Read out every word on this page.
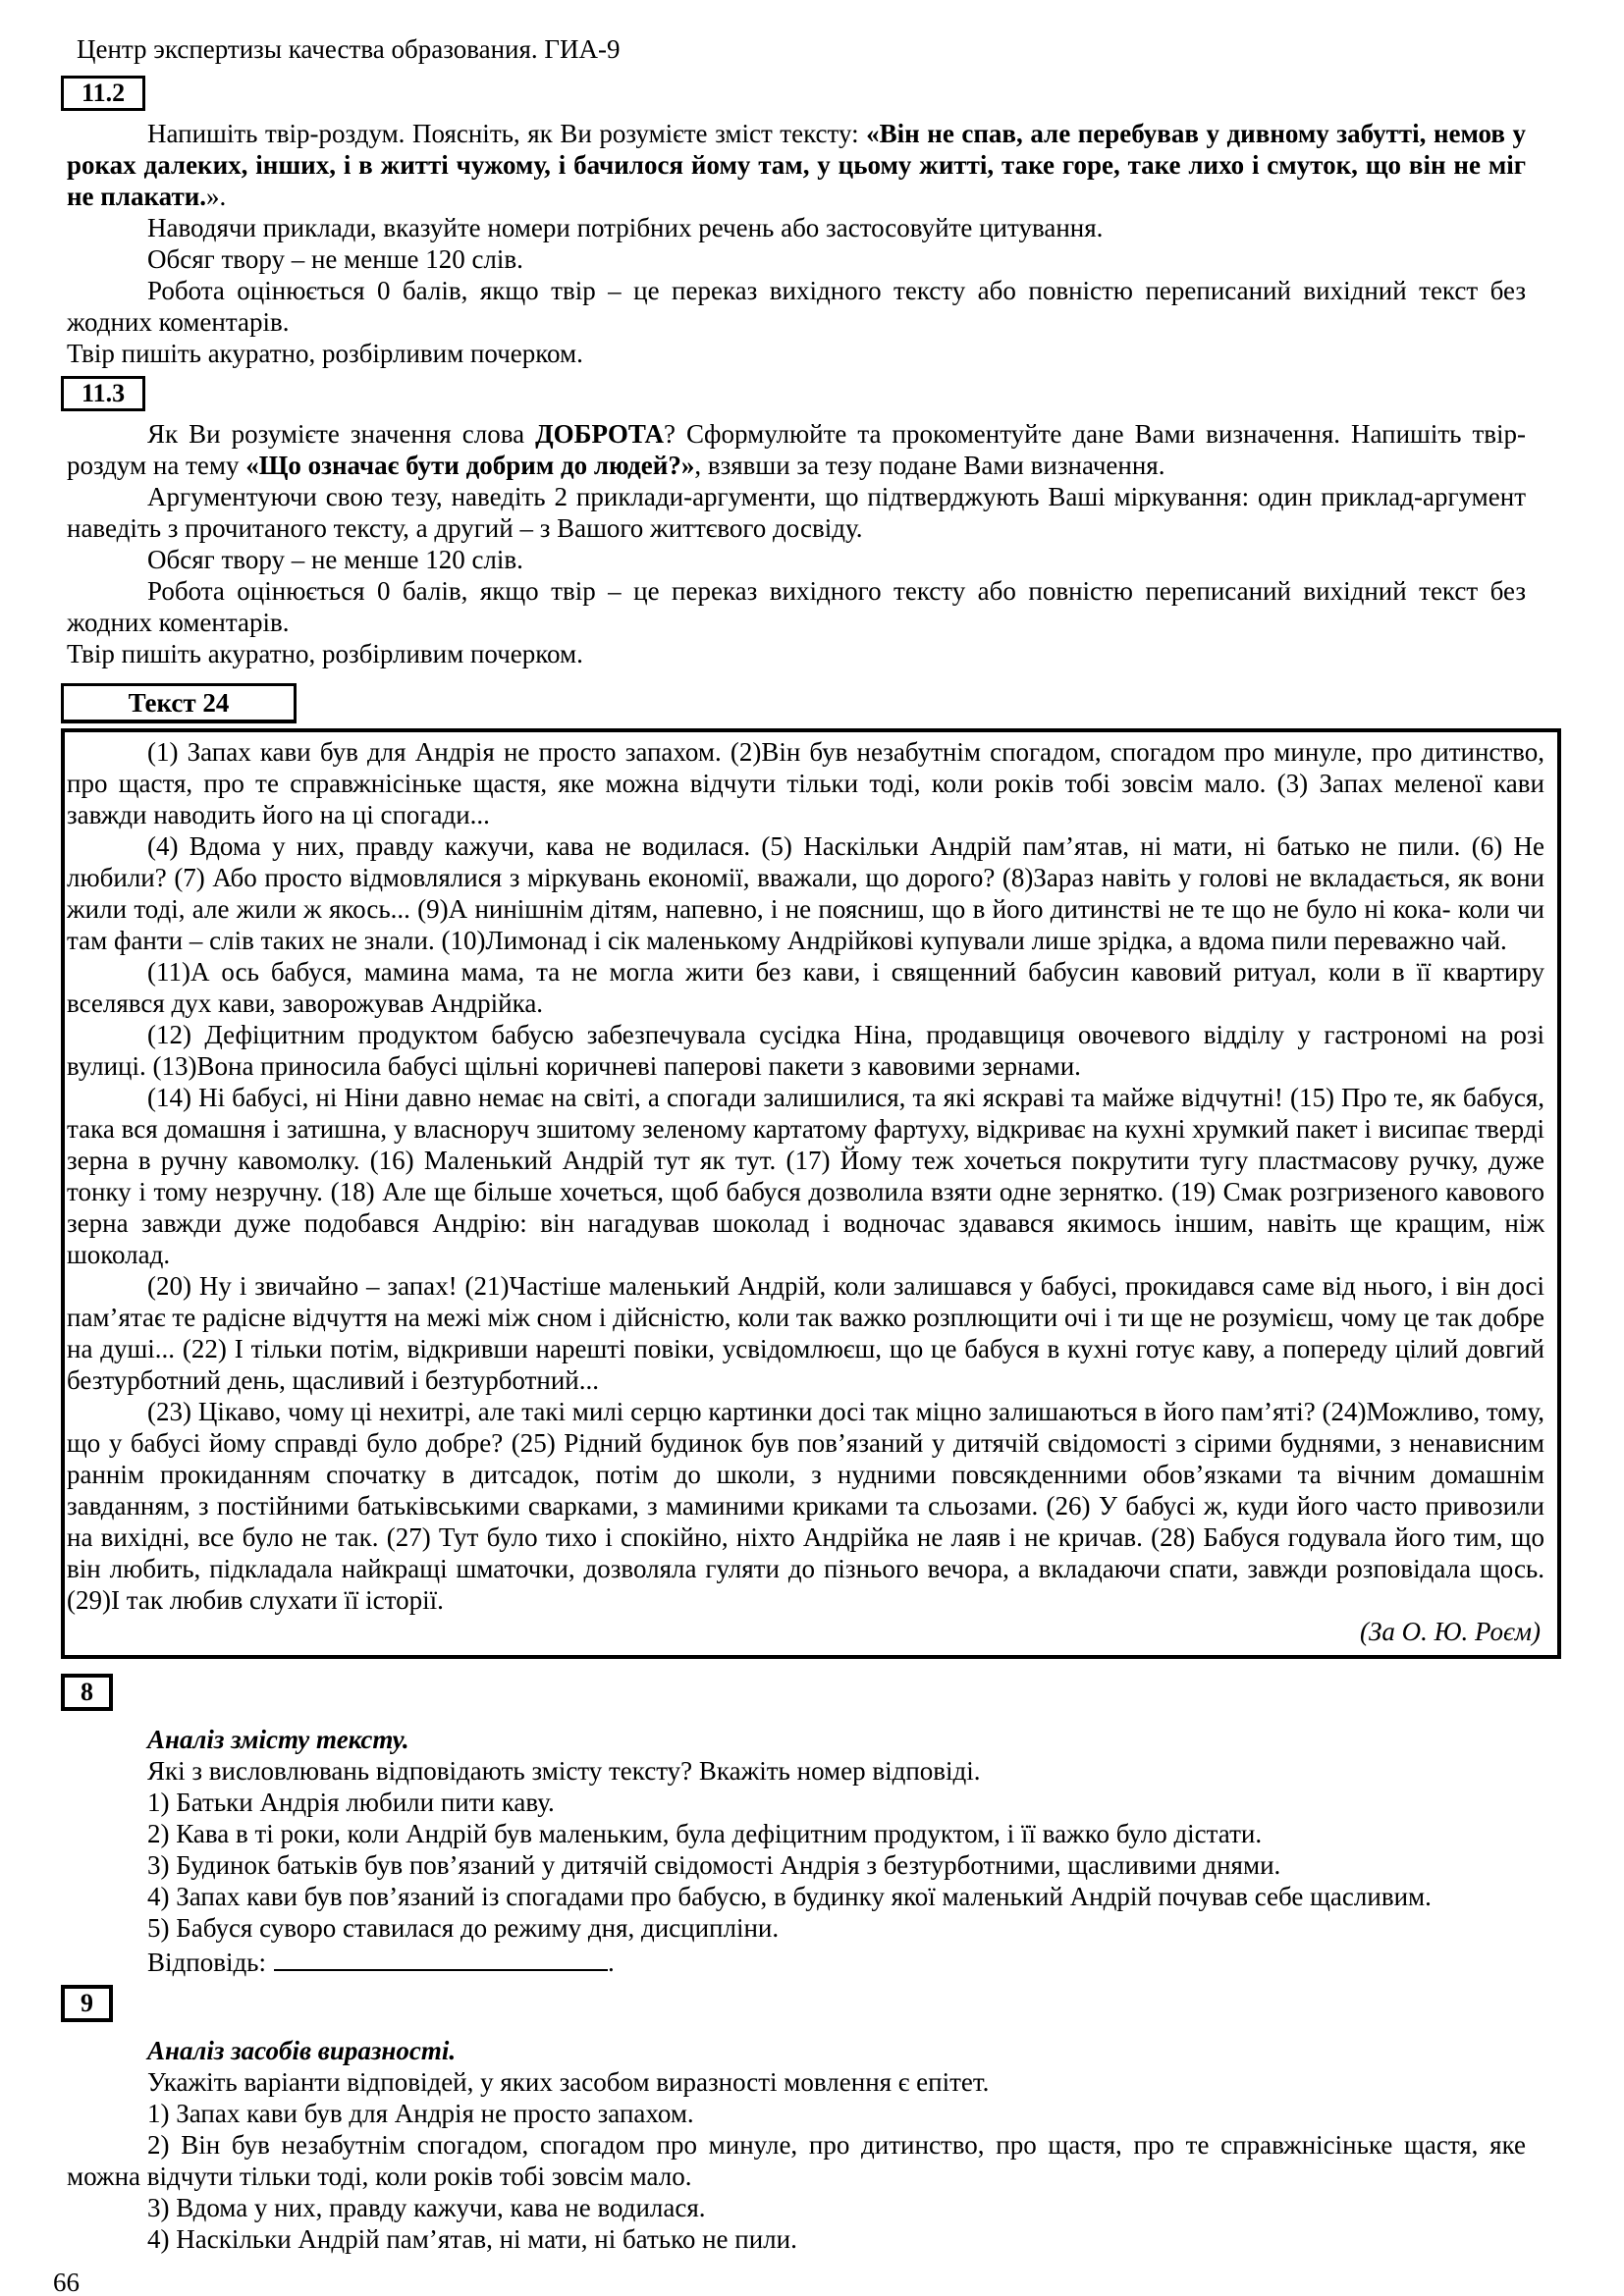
Центр экспертизы качества образования. ГИА-9

11.2

Напишіть твір-роздум. Поясніть, як Ви розумієте зміст тексту: «Він не спав, але перебував у дивному забутті, немов у роках далеких, інших, і в житті чужому, і бачилося йому там, у цьому житті, таке горе, таке лихо і смуток, що він не міг не плакати.».

Наводячи приклади, вказуйте номери потрібних речень або застосовуйте цитування.

Обсяг твору – не менше 120 слів.

Робота оцінюється 0 балів, якщо твір – це переказ вихідного тексту або повністю переписаний вихідний текст без жодних коментарів.

Твір пишіть акуратно, розбірливим почерком.

11.3

Як Ви розумієте значення слова ДОБРОТА? Сформулюйте та прокоментуйте дане Вами визначення. Напишіть твір-роздум на тему «Що означає бути добрим до людей?», взявши за тезу подане Вами визначення.

Аргументуючи свою тезу, наведіть 2 приклади-аргументи, що підтверджують Ваші міркування: один приклад-аргумент наведіть з прочитаного тексту, а другий – з Вашого життєвого досвіду.

Обсяг твору – не менше 120 слів.

Робота оцінюється 0 балів, якщо твір – це переказ вихідного тексту або повністю переписаний вихідний текст без жодних коментарів.

Твір пишіть акуратно, розбірливим почерком.

Текст 24

(1) Запах кави був для Андрія не просто запахом. (2)Він був незабутнім спогадом, спогадом про минуле, про дитинство, про щастя, про те справжнісіньке щастя, яке можна відчути тільки тоді, коли років тобі зовсім мало. (3) Запах меленої кави завжди наводить його на ці спогади...

(4) Вдома у них, правду кажучи, кава не водилася. (5) Наскільки Андрій пам’ятав, ні мати, ні батько не пили. (6) Не любили? (7) Або просто відмовлялися з міркувань економії, вважали, що дорого? (8)Зараз навіть у голові не вкладається, як вони жили тоді, але жили ж якось... (9)А нинішнім дітям, напевно, і не поясниш, що в його дитинстві не те що не було ні кока- коли чи там фанти – слів таких не знали. (10)Лимонад і сік маленькому Андрійкові купували лише зрідка, а вдома пили переважно чай.

(11)А ось бабуся, мамина мама, та не могла жити без кави, і священний бабусин кавовий ритуал, коли в її квартиру вселявся дух кави, заворожував Андрійка.

(12) Дефіцитним продуктом бабусю забезпечувала сусідка Ніна, продавщиця овочевого відділу у гастрономі на розі вулиці. (13)Вона приносила бабусі щільні коричневі паперові пакети з кавовими зернами.

(14) Ні бабусі, ні Ніни давно немає на світі, а спогади залишилися, та які яскраві та майже відчутні! (15) Про те, як бабуся, така вся домашня і затишна, у власноруч зшитому зеленому картатому фартуху, відкриває на кухні хрумкий пакет і висипає тверді зерна в ручну кавомолку. (16) Маленький Андрій тут як тут. (17) Йому теж хочеться покрутити тугу пластмасову ручку, дуже тонку і тому незручну. (18) Але ще більше хочеться, щоб бабуся дозволила взяти одне зернятко. (19) Смак розгризеного кавового зерна завжди дуже подобався Андрію: він нагадував шоколад і водночас здавався якимось іншим, навіть ще кращим, ніж шоколад.

(20) Ну і звичайно – запах! (21)Частіше маленький Андрій, коли залишався у бабусі, прокидався саме від нього, і він досі пам’ятає те радісне відчуття на межі між сном і дійсністю, коли так важко розплющити очі і ти ще не розумієш, чому це так добре на душі... (22) І тільки потім, відкривши нарешті повіки, усвідомлюєш, що це бабуся в кухні готує каву, а попереду цілий довгий безтурботний день, щасливий і безтурботний...

(23) Цікаво, чому ці нехитрі, але такі милі серцю картинки досі так міцно залишаються в його пам’яті? (24)Можливо, тому, що у бабусі йому справді було добре? (25) Рідний будинок був пов’язаний у дитячій свідомості з сірими буднями, з ненависним раннім прокиданням спочатку в дитсадок, потім до школи, з нудними повсякденними обов’язками та вічним домашнім завданням, з постійними батьківськими сварками, з маминими криками та сльозами. (26) У бабусі ж, куди його часто привозили на вихідні, все було не так. (27) Тут було тихо і спокійно, ніхто Андрійка не лаяв і не кричав. (28) Бабуся годувала його тим, що він любить, підкладала найкращі шматочки, дозволяла гуляти до пізнього вечора, а вкладаючи спати, завжди розповідала щось. (29)І так любив слухати її історії.

(За О. Ю. Роєм)

8

Аналіз змісту тексту.

Які з висловлювань відповідають змісту тексту? Вкажіть номер відповіді.

1) Батьки Андрія любили пити каву.

2) Кава в ті роки, коли Андрій був маленьким, була дефіцитним продуктом, і її важко було дістати.

3) Будинок батьків був пов’язаний у дитячій свідомості Андрія з безтурботними, щасливими днями.

4) Запах кави був пов’язаний із спогадами про бабусю, в будинку якої маленький Андрій почував себе щасливим.

5) Бабуся суворо ставилася до режиму дня, дисципліни.

Відповідь:	.

9

Аналіз засобів виразності.

Укажіть варіанти відповідей, у яких засобом виразності мовлення є епітет.

1) Запах кави був для Андрія не просто запахом.

2) Він був незабутнім спогадом, спогадом про минуле, про дитинство, про щастя, про те справжнісіньке щастя, яке можна відчути тільки тоді, коли років тобі зовсім мало.

3) Вдома у них, правду кажучи, кава не водилася.

4) Наскільки Андрій пам’ятав, ні мати, ні батько не пили.

66
